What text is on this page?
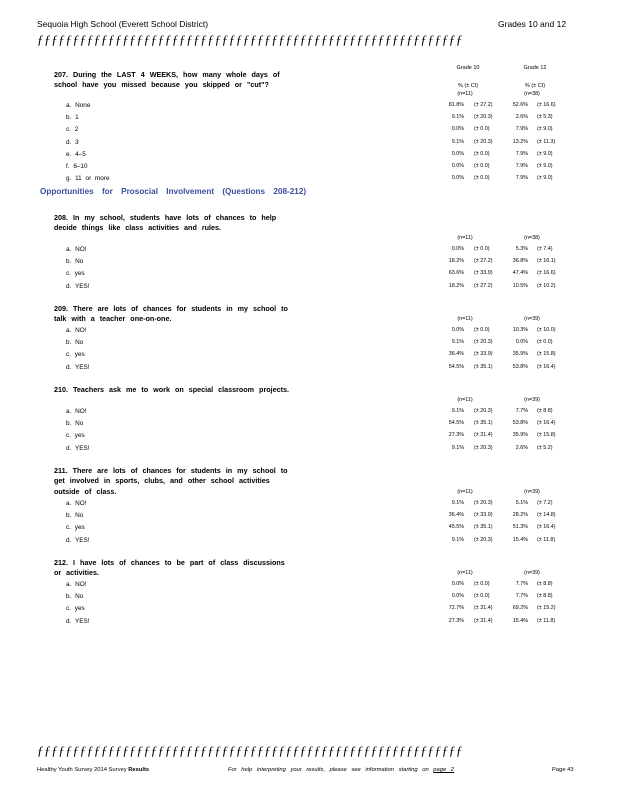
Sequoia High School (Everett School District)	Grades 10 and 12
ƒƒƒƒƒƒƒƒƒƒƒƒƒƒƒƒƒƒƒƒƒƒƒƒƒƒƒƒƒƒƒƒƒƒƒƒƒƒƒƒƒƒƒƒƒƒƒƒƒƒƒƒƒƒƒƒƒƒƒƒ
Grade 10	Grade 12
% (± CI)	% (± CI)
Opportunities for Prosocial Involvement (Questions 208-212)
207. During the LAST 4 WEEKS, how many whole days of school have you missed because you skipped or "cut"?
(n=11)	(n=38)
a. None	81.8% (± 27.2)	52.6% (± 16.6)
b. 1	9.1% (± 20.3)	2.6% (± 5.3)
c. 2	0.0% (± 0.0)	7.9% (± 9.0)
d. 3	9.1% (± 20.3)	13.2% (± 11.3)
e. 4–5	0.0% (± 0.0)	7.9% (± 9.0)
f. 6–10	0.0% (± 0.0)	7.9% (± 9.0)
g. 11 or more	0.0% (± 0.0)	7.9% (± 9.0)
208. In my school, students have lots of chances to help decide things like class activities and rules.
(n=11)	(n=38)
a. NO!	0.0% (± 0.0)	5.3% (± 7.4)
b. No	18.2% (± 27.2)	36.8% (± 16.1)
c. yes	63.6% (± 33.9)	47.4% (± 16.6)
d. YES!	18.2% (± 27.2)	10.5% (± 10.2)
209. There are lots of chances for students in my school to talk with a teacher one-on-one.	(n=11)	(n=39)
a. NO!	0.0% (± 0.0)	10.3% (± 10.0)
b. No	9.1% (± 20.3)	0.0% (± 0.0)
c. yes	36.4% (± 33.9)	35.9% (± 15.8)
d. YES!	54.5% (± 35.1)	53.8% (± 16.4)
210. Teachers ask me to work on special classroom projects.
(n=11)	(n=39)
a. NO!	9.1% (± 20.3)	7.7% (± 8.8)
b. No	54.5% (± 35.1)	53.8% (± 16.4)
c. yes	27.3% (± 31.4)	35.9% (± 15.8)
d. YES!	9.1% (± 20.3)	2.6% (± 5.2)
211. There are lots of chances for students in my school to get involved in sports, clubs, and other school activities outside of class.	(n=11)	(n=39)
a. NO!	9.1% (± 20.3)	5.1% (± 7.2)
b. No	36.4% (± 33.9)	28.2% (± 14.8)
c. yes	45.5% (± 35.1)	51.3% (± 16.4)
d. YES!	9.1% (± 20.3)	15.4% (± 11.8)
212. I have lots of chances to be part of class discussions or activities.	(n=11)	(n=39)
a. NO!	0.0% (± 0.0)	7.7% (± 8.8)
b. No	0.0% (± 0.0)	7.7% (± 8.8)
c. yes	72.7% (± 31.4)	69.2% (± 15.2)
d. YES!	27.3% (± 31.4)	15.4% (± 11.8)
ƒƒƒƒƒƒƒƒƒƒƒƒƒƒƒƒƒƒƒƒƒƒƒƒƒƒƒƒƒƒƒƒƒƒƒƒƒƒƒƒƒƒƒƒƒƒƒƒƒƒƒƒƒƒƒƒƒƒƒƒ
Healthy Youth Survey 2014 Survey Results	For help interpreting your results, please see information starting on page 2	Page 43
